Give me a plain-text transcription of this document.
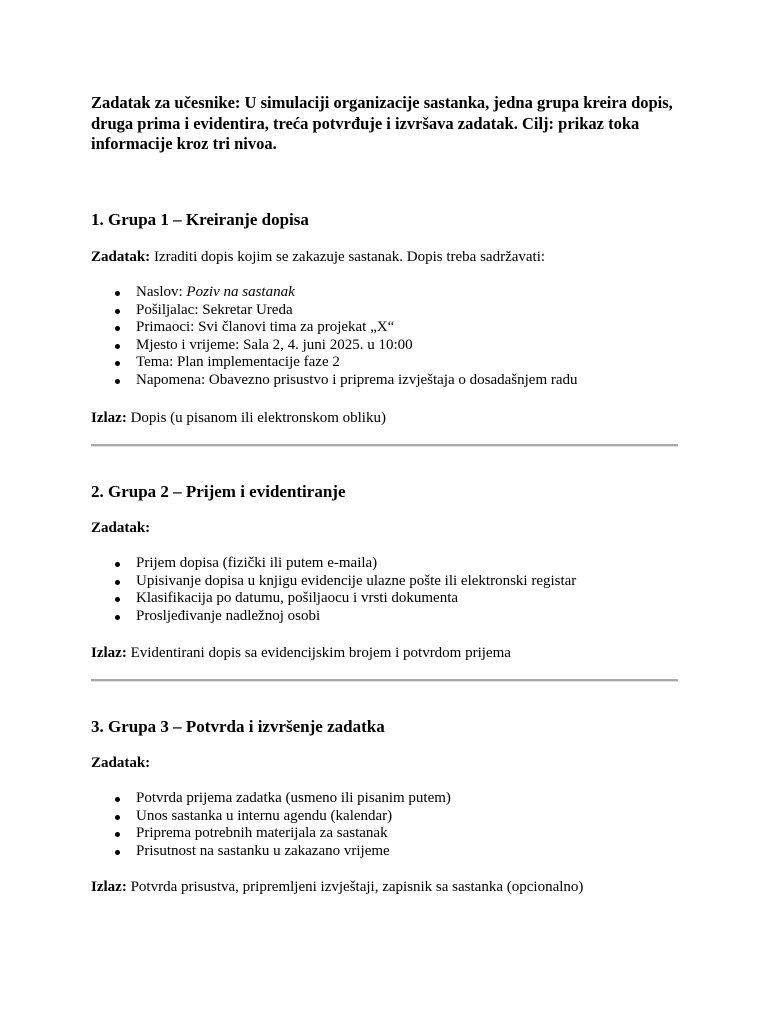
Zadatak za učesnike: U simulaciji organizacije sastanka, jedna grupa kreira dopis, druga prima i evidentira, treća potvrđuje i izvršava zadatak. Cilj: prikaz toka informacije kroz tri nivoa.

1. Grupa 1 – Kreiranje dopisa

Zadatak: Izraditi dopis kojim se zakazuje sastanak. Dopis treba sadržavati:

Naslov: Poziv na sastanak
Pošiljalac: Sekretar Ureda
Primaoci: Svi članovi tima za projekat „X“
Mjesto i vrijeme: Sala 2, 4. juni 2025. u 10:00
Tema: Plan implementacije faze 2
Napomena: Obavezno prisustvo i priprema izvještaja o dosadašnjem radu

Izlaz: Dopis (u pisanom ili elektronskom obliku)

2. Grupa 2 – Prijem i evidentiranje

Zadatak:

Prijem dopisa (fizički ili putem e-maila)
Upisivanje dopisa u knjigu evidencije ulazne pošte ili elektronski registar
Klasifikacija po datumu, pošiljaocu i vrsti dokumenta
Prosljeđivanje nadležnoj osobi

Izlaz: Evidentirani dopis sa evidencijskim brojem i potvrdom prijema

3. Grupa 3 – Potvrda i izvršenje zadatka

Zadatak:

Potvrda prijema zadatka (usmeno ili pisanim putem)
Unos sastanka u internu agendu (kalendar)
Priprema potrebnih materijala za sastanak
Prisutnost na sastanku u zakazano vrijeme

Izlaz: Potvrda prisustva, pripremljeni izvještaji, zapisnik sa sastanka (opcionalno)
